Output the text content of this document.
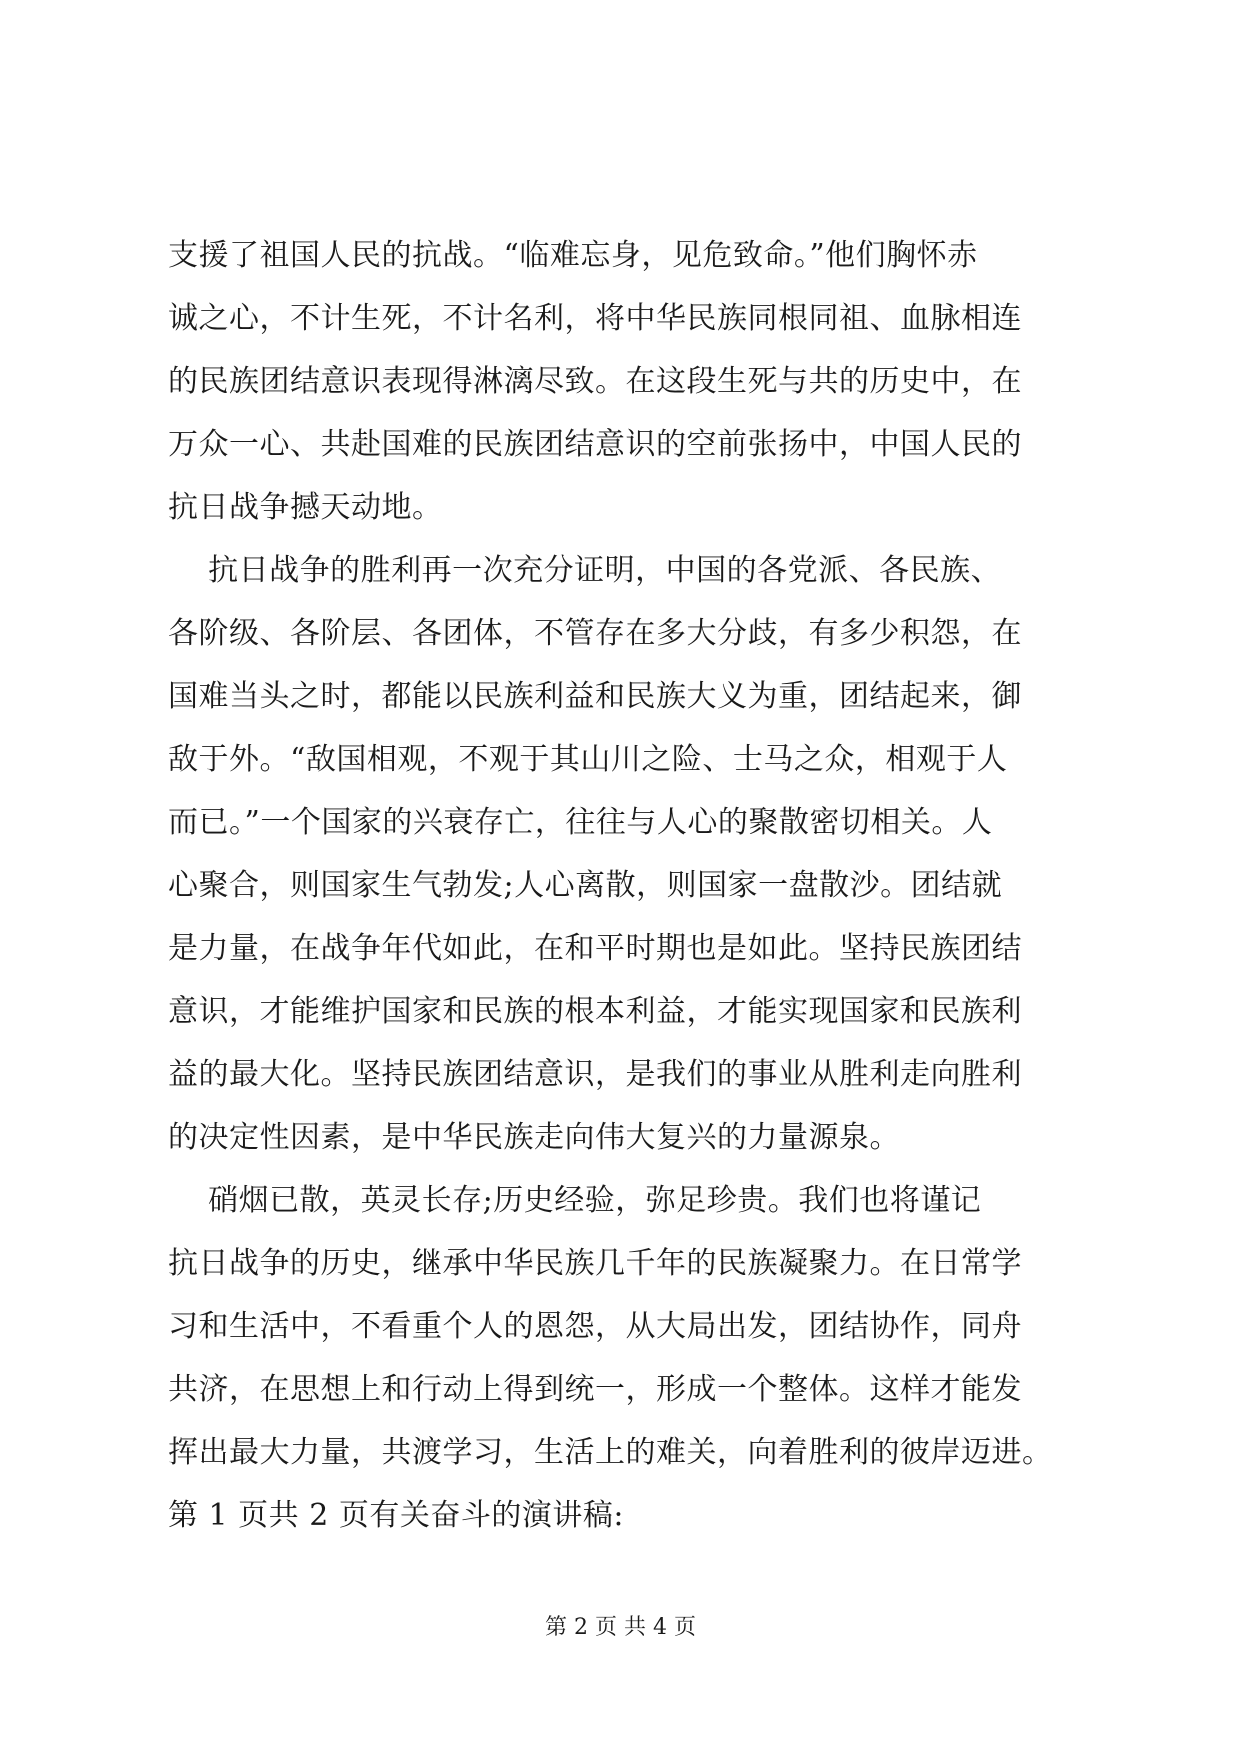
支援了祖国人民的抗战。“临难忘身，见危致命。”他们胸怀赤
诚之心，不计生死，不计名利，将中华民族同根同祖、血脉相连
的民族团结意识表现得淋漓尽致。在这段生死与共的历史中，在
万众一心、共赴国难的民族团结意识的空前张扬中，中国人民的
抗日战争撼天动地。
抗日战争的胜利再一次充分证明，中国的各党派、各民族、
各阶级、各阶层、各团体，不管存在多大分歧，有多少积怨，在
国难当头之时，都能以民族利益和民族大义为重，团结起来，御
敌于外。“敌国相观，不观于其山川之险、士马之众，相观于人
而已。”一个国家的兴衰存亡，往往与人心的聚散密切相关。人
心聚合，则国家生气勃发;人心离散，则国家一盘散沙。团结就
是力量，在战争年代如此，在和平时期也是如此。坚持民族团结
意识，才能维护国家和民族的根本利益，才能实现国家和民族利
益的最大化。坚持民族团结意识，是我们的事业从胜利走向胜利
的决定性因素，是中华民族走向伟大复兴的力量源泉。
硝烟已散，英灵长存;历史经验，弥足珍贵。我们也将谨记
抗日战争的历史，继承中华民族几千年的民族凝聚力。在日常学
习和生活中，不看重个人的恩怨，从大局出发，团结协作，同舟
共济，在思想上和行动上得到统一，形成一个整体。这样才能发
挥出最大力量，共渡学习，生活上的难关，向着胜利的彼岸迈进。
第 1 页共 2 页有关奋斗的演讲稿:
第 2 页 共 4 页
